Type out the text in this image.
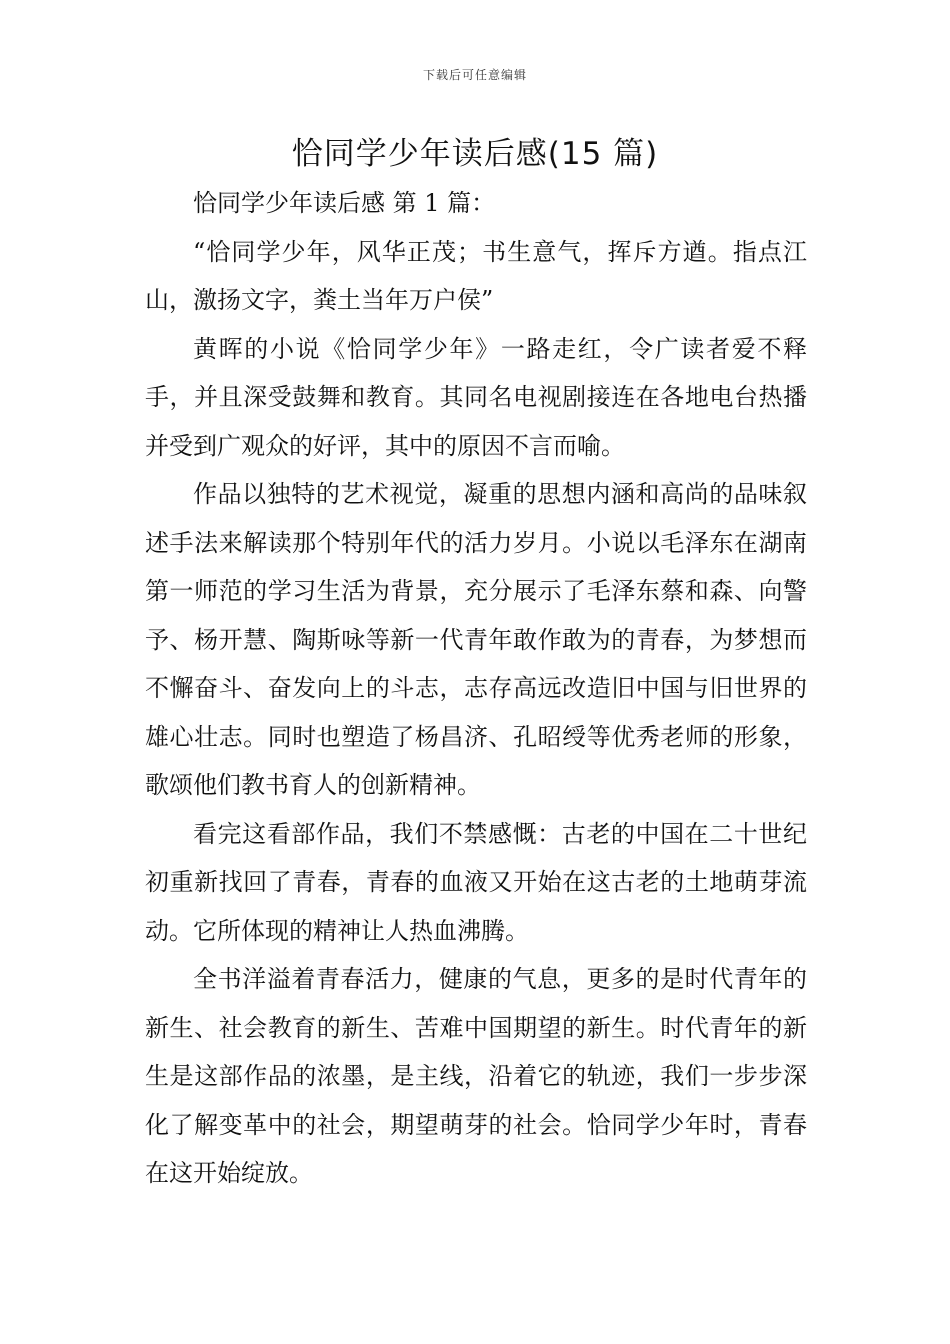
下载后可任意编辑
恰同学少年读后感(15 篇)

恰同学少年读后感 第 1 篇：

“恰同学少年，风华正茂；书生意气，挥斥方遒。指点江山，激扬文字，粪土当年万户侯”

黄晖的小说《恰同学少年》一路走红，令广读者爱不释手，并且深受鼓舞和教育。其同名电视剧接连在各地电台热播并受到广观众的好评，其中的原因不言而喻。

作品以独特的艺术视觉，凝重的思想内涵和高尚的品味叙述手法来解读那个特别年代的活力岁月。小说以毛泽东在湖南第一师范的学习生活为背景，充分展示了毛泽东蔡和森、向警予、杨开慧、陶斯咏等新一代青年敢作敢为的青春，为梦想而不懈奋斗、奋发向上的斗志，志存高远改造旧中国与旧世界的雄心壮志。同时也塑造了杨昌济、孔昭绶等优秀老师的形象，歌颂他们教书育人的创新精神。

看完这看部作品，我们不禁感慨：古老的中国在二十世纪初重新找回了青春，青春的血液又开始在这古老的土地萌芽流动。它所体现的精神让人热血沸腾。

全书洋溢着青春活力，健康的气息，更多的是时代青年的新生、社会教育的新生、苦难中国期望的新生。时代青年的新生是这部作品的浓墨，是主线，沿着它的轨迹，我们一步步深化了解变革中的社会，期望萌芽的社会。恰同学少年时，青春在这开始绽放。
